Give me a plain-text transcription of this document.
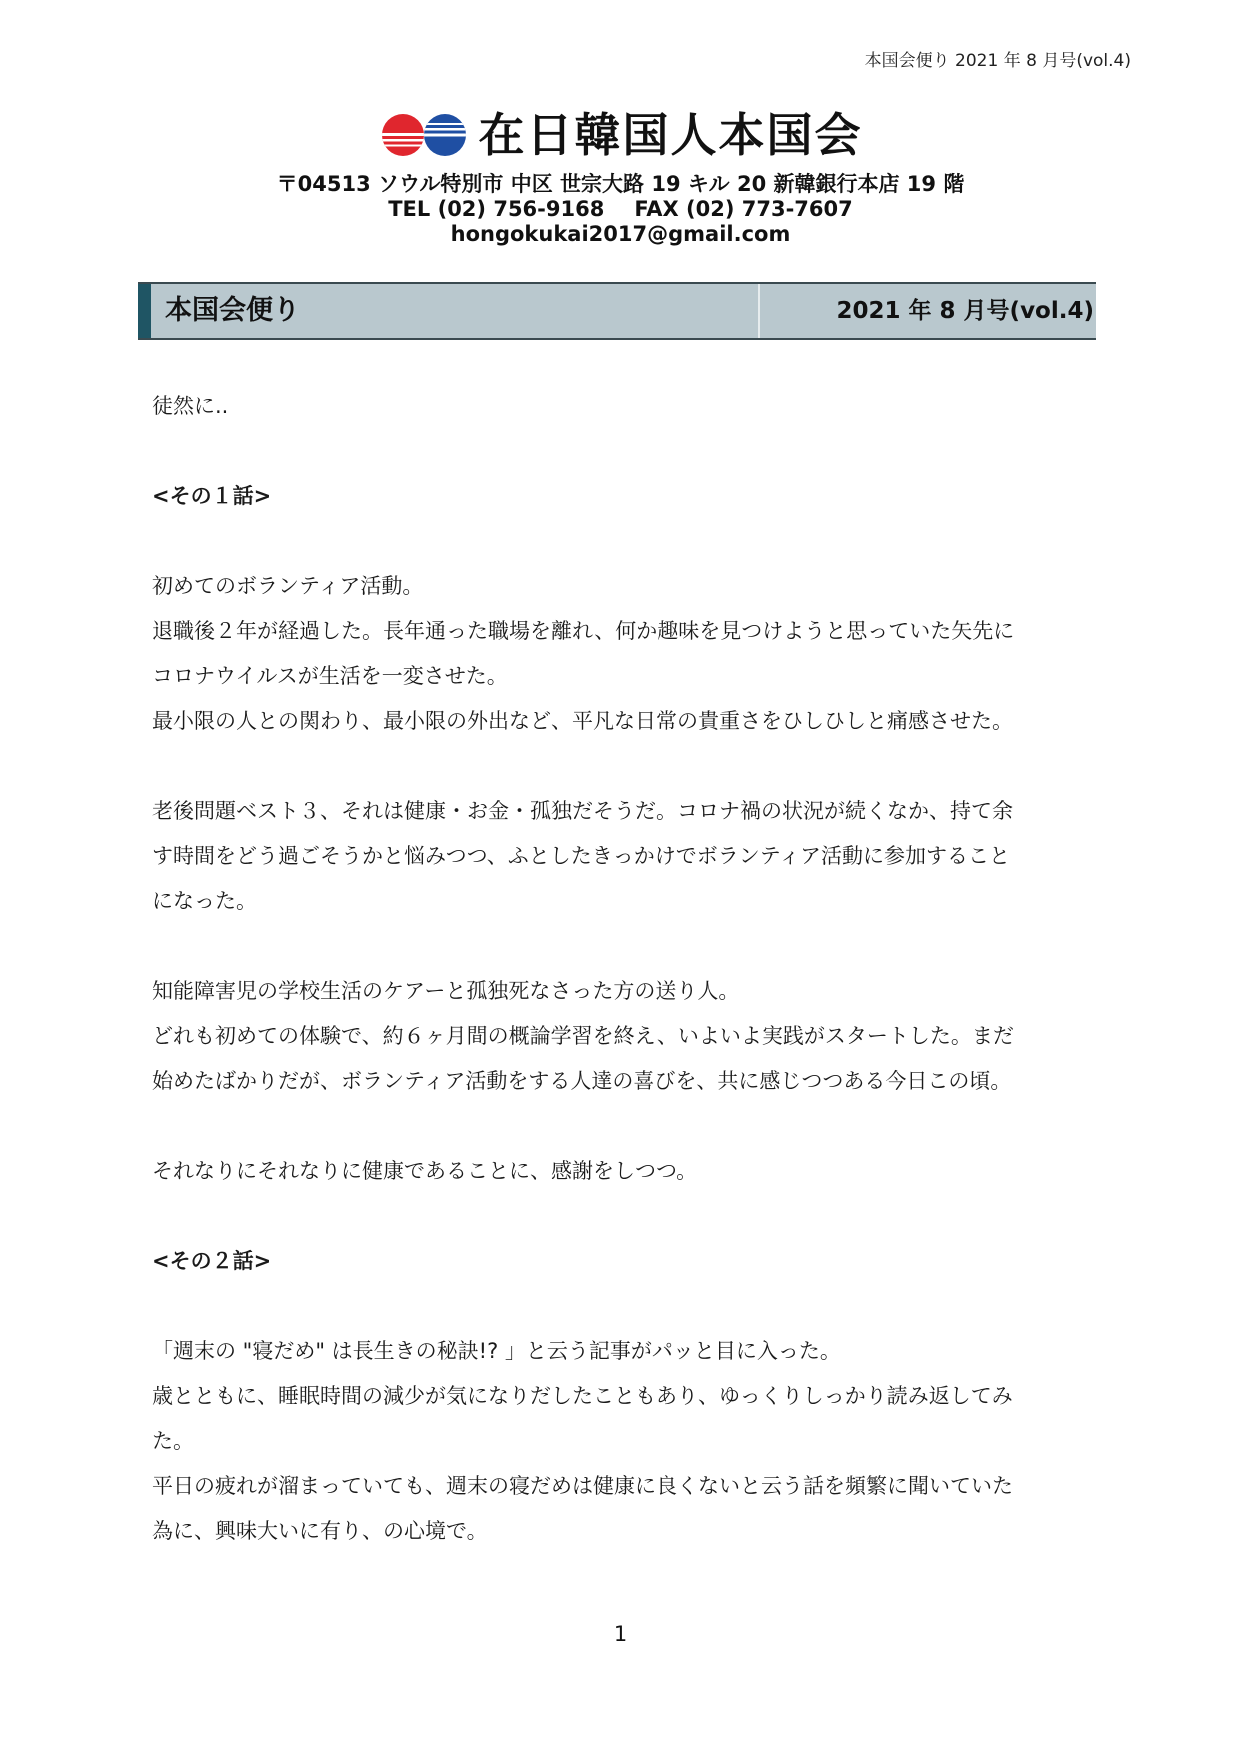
本国会便り 2021 年 8 月号(vol.4)
在日韓国人本国会
〒04513 ソウル特別市 中区 世宗大路 19 キル 20 新韓銀行本店 19 階
TEL (02) 756-9168 FAX (02) 773-7607
hongokukai2017@gmail.com
本国会便り	2021 年 8 月号(vol.4)

徒然に..

<その１話>

初めてのボランティア活動。

退職後２年が経過した。長年通った職場を離れ、何か趣味を見つけようと思っていた矢先に

コロナウイルスが生活を一変させた。

最小限の人との関わり、最小限の外出など、平凡な日常の貴重さをひしひしと痛感させた。

老後問題ベスト３、それは健康・お金・孤独だそうだ。コロナ禍の状況が続くなか、持て余

す時間をどう過ごそうかと悩みつつ、ふとしたきっかけでボランティア活動に参加すること

になった。

知能障害児の学校生活のケアーと孤独死なさった方の送り人。

どれも初めての体験で、約６ヶ月間の概論学習を終え、いよいよ実践がスタートした。まだ

始めたばかりだが、ボランティア活動をする人達の喜びを、共に感じつつある今日この頃。

それなりにそれなりに健康であることに、感謝をしつつ。

<その２話>

「週末の "寝だめ" は長生きの秘訣!? 」と云う記事がパッと目に入った。

歳とともに、睡眠時間の減少が気になりだしたこともあり、ゆっくりしっかり読み返してみ

た。

平日の疲れが溜まっていても、週末の寝だめは健康に良くないと云う話を頻繁に聞いていた

為に、興味大いに有り、の心境で。

1
